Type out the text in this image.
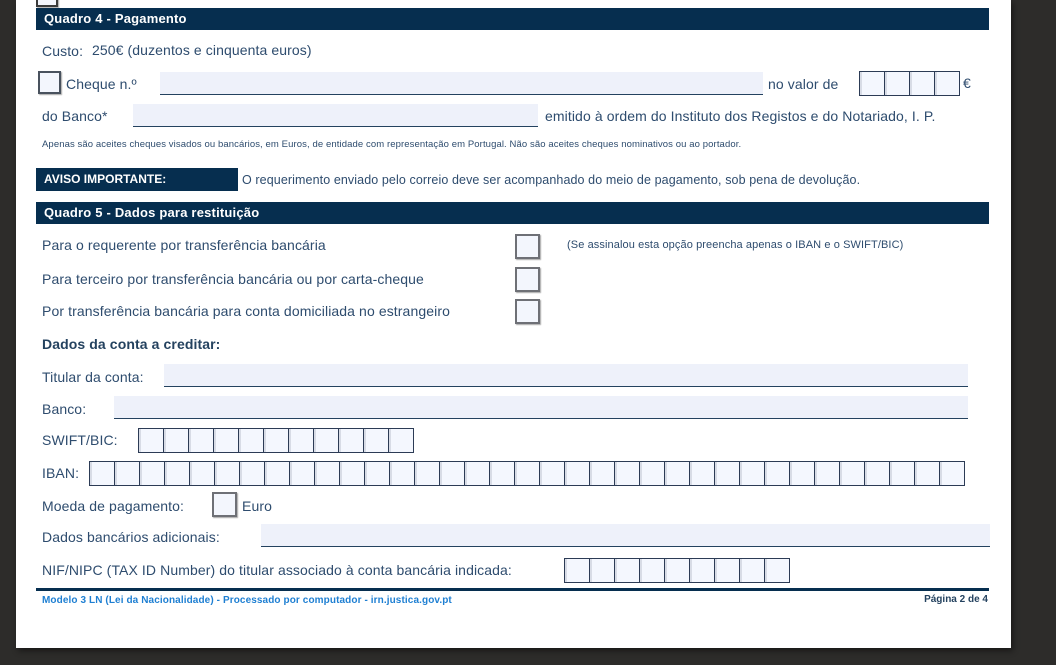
Quadro 4 - Pagamento
Custo: 250€ (duzentos e cinquenta euros)
Cheque n.º	no valor de	€
do Banco*	emitido à ordem do Instituto dos Registos e do Notariado, I. P.
Apenas são aceites cheques visados ou bancários, em Euros, de entidade com representação em Portugal. Não são aceites cheques nominativos ou ao portador.
AVISO IMPORTANTE:	O requerimento enviado pelo correio deve ser acompanhado do meio de pagamento, sob pena de devolução.
Quadro 5 - Dados para restituição
Para o requerente por transferência bancária	(Se assinalou esta opção preencha apenas o IBAN e o SWIFT/BIC)
Para terceiro por transferência bancária ou por carta-cheque
Por transferência bancária para conta domiciliada no estrangeiro
Dados da conta a creditar:
Titular da conta:
Banco:
SWIFT/BIC:
IBAN:
Moeda de pagamento:	Euro
Dados bancários adicionais:
NIF/NIPC (TAX ID Number) do titular associado à conta bancária indicada:
Modelo 3 LN (Lei da Nacionalidade) - Processado por computador - irn.justica.gov.pt	Página 2 de 4
